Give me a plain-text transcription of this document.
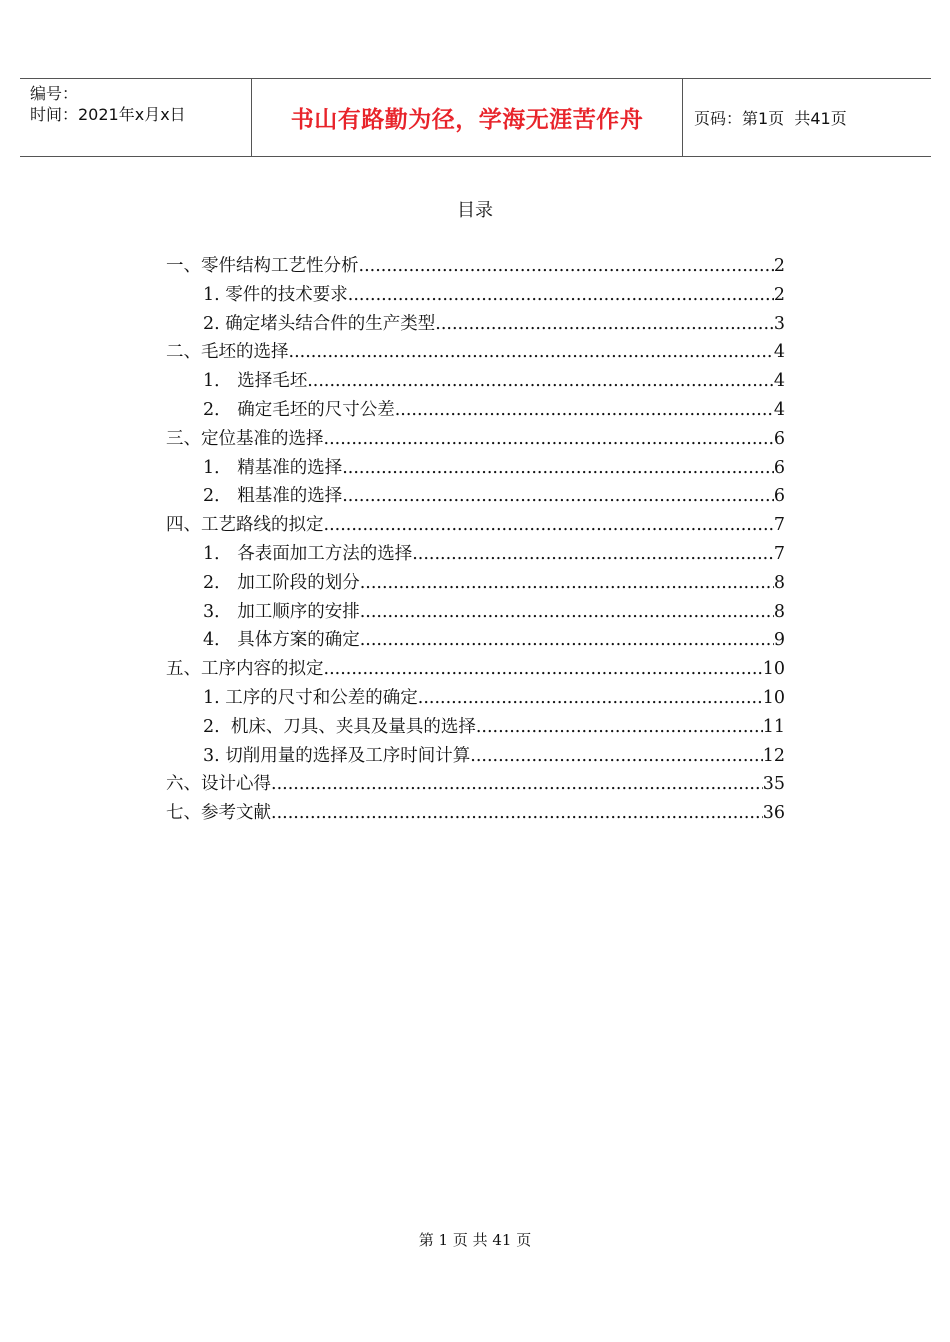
编号：
时间：2021年x月x日	书山有路勤为径，学海无涯苦作舟	页码：第1页  共41页
目录
一、零件结构工艺性分析 .....	2
1. 零件的技术要求 .....	2
2. 确定堵头结合件的生产类型 .....	3
二、毛坯的选择 .....	4
1． 选择毛坯 .....	4
2． 确定毛坯的尺寸公差 .....	4
三、定位基准的选择 .....	6
1． 精基准的选择 .....	6
2． 粗基准的选择 .....	6
四、工艺路线的拟定 .....	7
1． 各表面加工方法的选择 .....	7
2． 加工阶段的划分 .....	8
3． 加工顺序的安排 .....	8
4． 具体方案的确定 .....	9
五、工序内容的拟定 .....	10
1. 工序的尺寸和公差的确定 .....	10
2.  机床、刀具、夹具及量具的选择 .....	11
3. 切削用量的选择及工序时间计算 .....	12
六、设计心得 .....	35
七、参考文献 .....	36
第 1 页 共 41 页
